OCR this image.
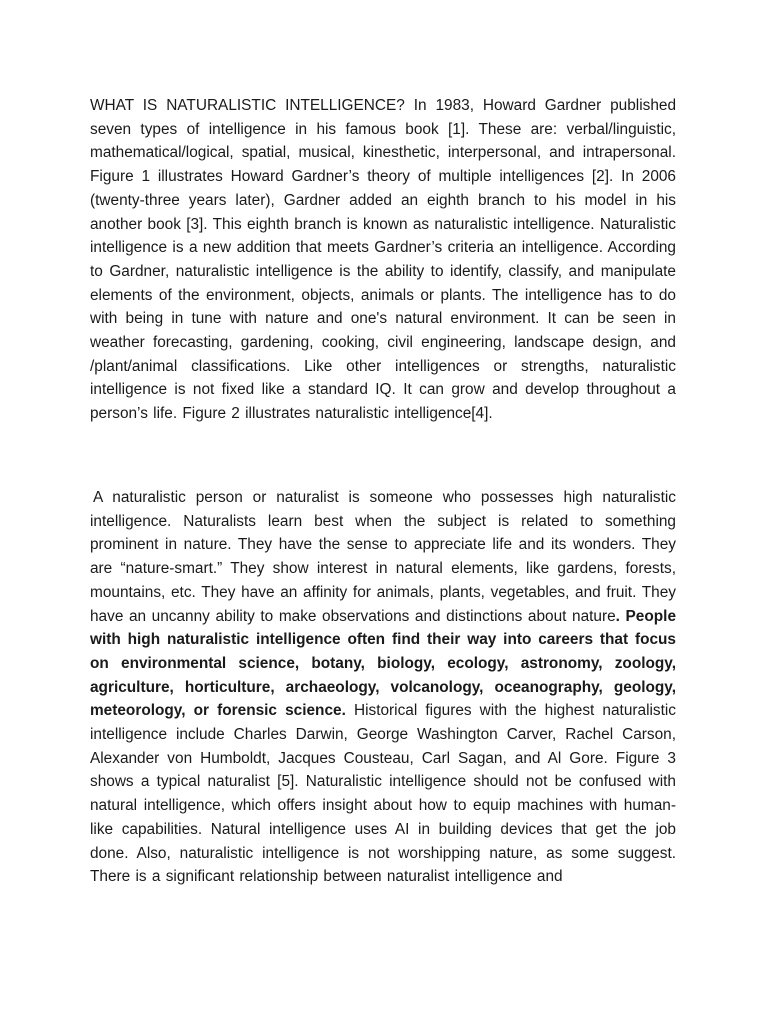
WHAT IS NATURALISTIC INTELLIGENCE? In 1983, Howard Gardner published seven types of intelligence in his famous book [1]. These are: verbal/linguistic, mathematical/logical, spatial, musical, kinesthetic, interpersonal, and intrapersonal. Figure 1 illustrates Howard Gardner’s theory of multiple intelligences [2]. In 2006 (twenty-three years later), Gardner added an eighth branch to his model in his another book [3]. This eighth branch is known as naturalistic intelligence. Naturalistic intelligence is a new addition that meets Gardner’s criteria an intelligence. According to Gardner, naturalistic intelligence is the ability to identify, classify, and manipulate elements of the environment, objects, animals or plants. The intelligence has to do with being in tune with nature and one's natural environment. It can be seen in weather forecasting, gardening, cooking, civil engineering, landscape design, and /plant/animal classifications. Like other intelligences or strengths, naturalistic intelligence is not fixed like a standard IQ. It can grow and develop throughout a person’s life. Figure 2 illustrates naturalistic intelligence[4].

A naturalistic person or naturalist is someone who possesses high naturalistic intelligence. Naturalists learn best when the subject is related to something prominent in nature. They have the sense to appreciate life and its wonders. They are “nature-smart.” They show interest in natural elements, like gardens, forests, mountains, etc. They have an affinity for animals, plants, vegetables, and fruit. They have an uncanny ability to make observations and distinctions about nature. People with high naturalistic intelligence often find their way into careers that focus on environmental science, botany, biology, ecology, astronomy, zoology, agriculture, horticulture, archaeology, volcanology, oceanography, geology, meteorology, or forensic science. Historical figures with the highest naturalistic intelligence include Charles Darwin, George Washington Carver, Rachel Carson, Alexander von Humboldt, Jacques Cousteau, Carl Sagan, and Al Gore. Figure 3 shows a typical naturalist [5]. Naturalistic intelligence should not be confused with natural intelligence, which offers insight about how to equip machines with human-like capabilities. Natural intelligence uses AI in building devices that get the job done. Also, naturalistic intelligence is not worshipping nature, as some suggest. There is a significant relationship between naturalist intelligence and
